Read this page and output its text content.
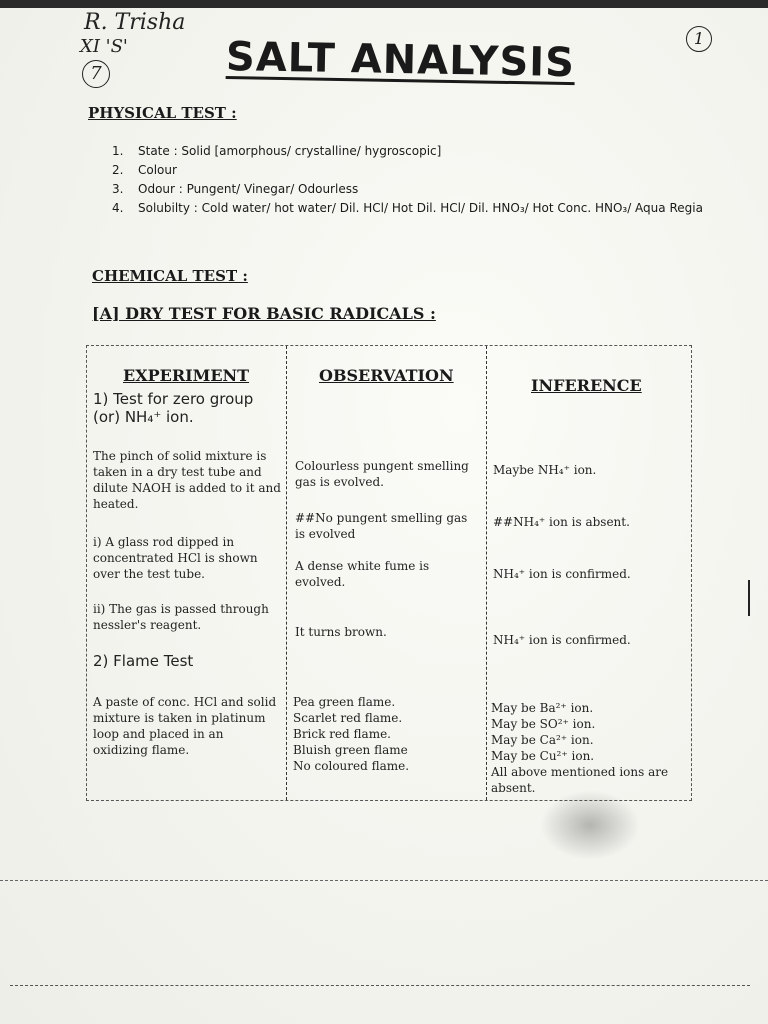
R. Trisha
XI 'S'
7
1
SALT ANALYSIS
PHYSICAL TEST :
1. State : Solid [amorphous/ crystalline/ hygroscopic]
2. Colour
3. Odour : Pungent/ Vinegar/ Odourless
4. Solubilty : Cold water/ hot water/ Dil. HCl/ Hot Dil. HCl/ Dil. HNO₃/ Hot Conc. HNO₃/ Aqua Regia
CHEMICAL TEST :
[A] DRY TEST FOR BASIC RADICALS :
EXPERIMENT	OBSERVATION
INFERENCE
1) Test for zero group (or) NH₄⁺ ion.
The pinch of solid mixture is taken in a dry test tube and dilute NAOH is added to it and heated.
Colourless pungent smelling gas is evolved.
Maybe NH₄⁺ ion.
##No pungent smelling gas is evolved
##NH₄⁺ ion is absent.
i) A glass rod dipped in concentrated HCl is shown over the test tube.
A dense white fume is evolved.
NH₄⁺ ion is confirmed.
ii) The gas is passed through nessler's reagent.	It turns brown.
NH₄⁺ ion is confirmed.
2) Flame Test
A paste of conc. HCl and solid mixture is taken in platinum loop and placed in an oxidizing flame.
Pea green flame.
Scarlet red flame.
Brick red flame.
Bluish green flame
No coloured flame.
May be Ba²⁺ ion.
May be SO²⁺ ion.
May be Ca²⁺ ion.
May be Cu²⁺ ion.
All above mentioned ions are absent.
